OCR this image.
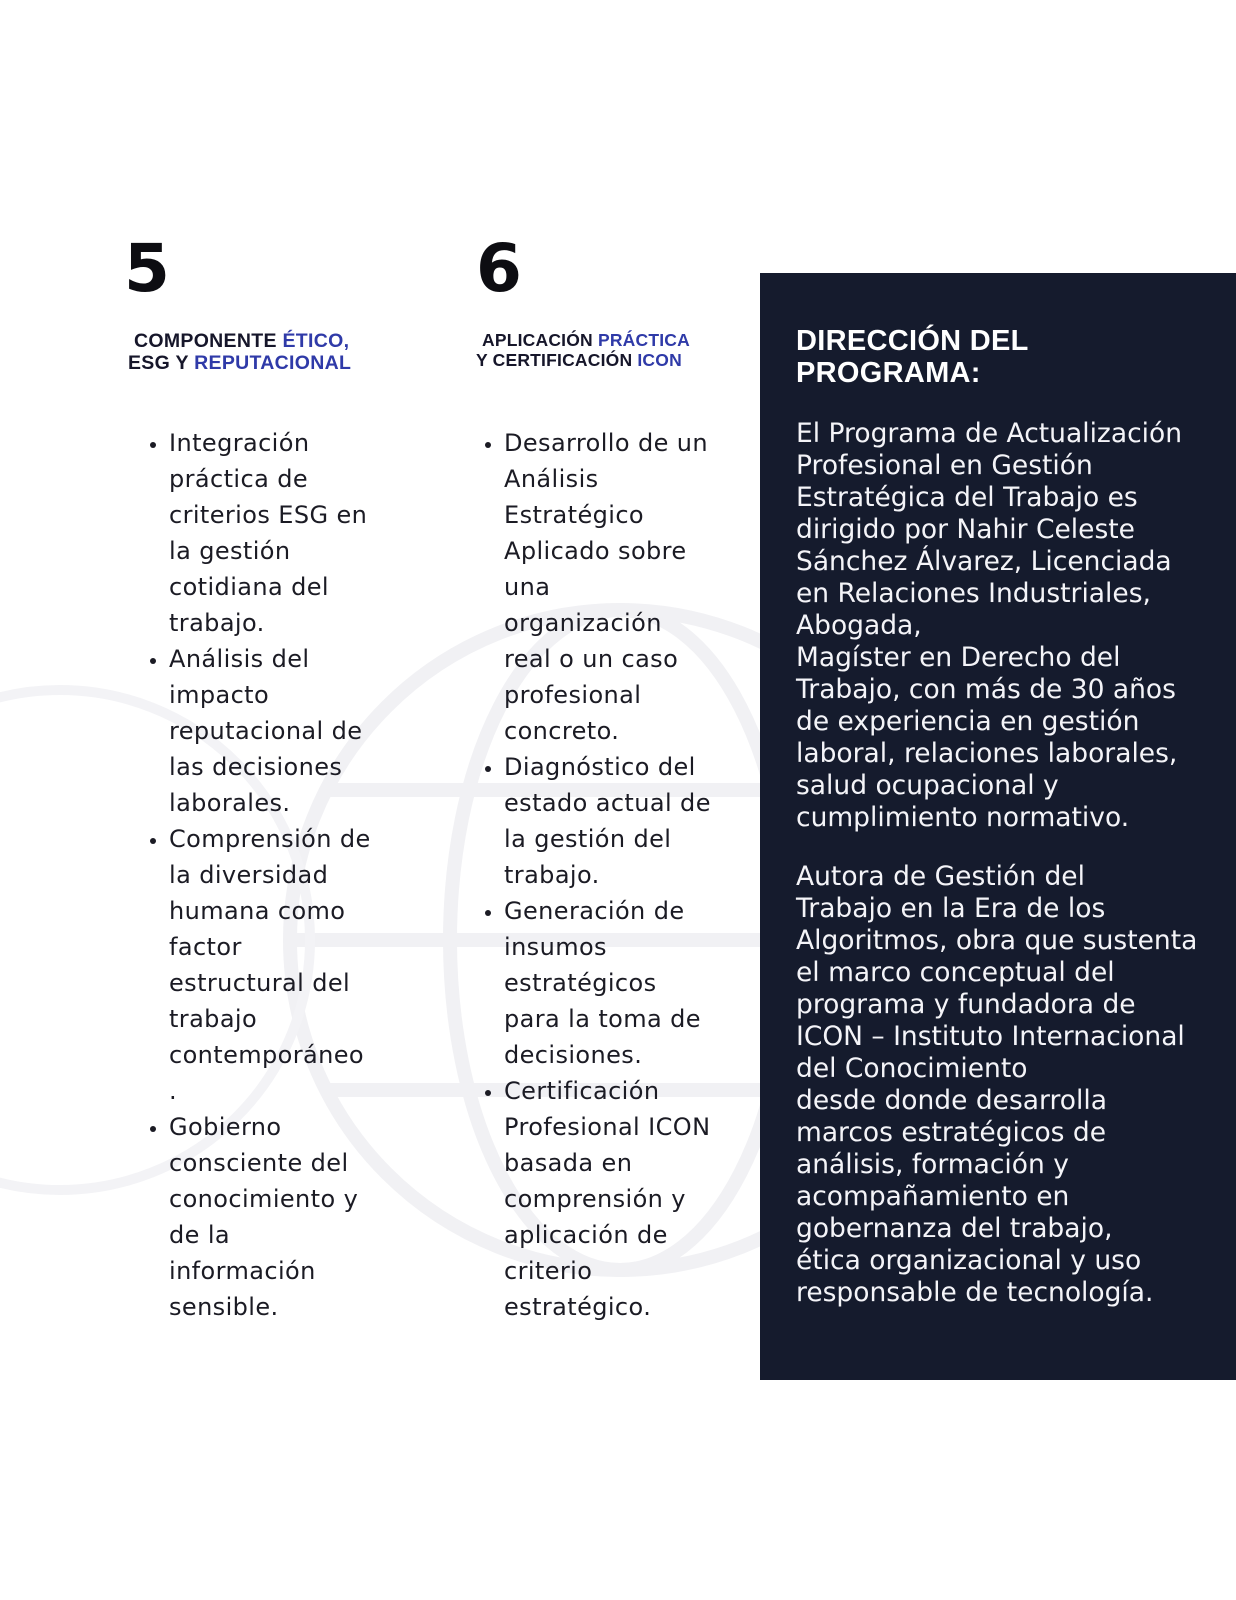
5
COMPONENTE ÉTICO,
ESG Y REPUTACIONAL
• Integración práctica de criterios ESG en la gestión cotidiana del trabajo.
• Análisis del impacto reputacional de las decisiones laborales.
• Comprensión de la diversidad humana como factor estructural del trabajo contemporáneo .
• Gobierno consciente del conocimiento y de la información sensible.
6
APLICACIÓN PRÁCTICA
Y CERTIFICACIÓN ICON
• Desarrollo de un Análisis Estratégico Aplicado sobre una organización real o un caso profesional concreto.
• Diagnóstico del estado actual de la gestión del trabajo.
• Generación de insumos estratégicos para la toma de decisiones.
• Certificación Profesional ICON basada en comprensión y aplicación de criterio estratégico.
DIRECCIÓN DEL
PROGRAMA:

El Programa de Actualización
Profesional en Gestión
Estratégica del Trabajo es
dirigido por Nahir Celeste
Sánchez Álvarez, Licenciada
en Relaciones Industriales,
Abogada,
Magíster en Derecho del
Trabajo, con más de 30 años
de experiencia en gestión
laboral, relaciones laborales,
salud ocupacional y
cumplimiento normativo.

Autora de Gestión del
Trabajo en la Era de los
Algoritmos, obra que sustenta
el marco conceptual del
programa y fundadora de
ICON – Instituto Internacional
del Conocimiento
desde donde desarrolla
marcos estratégicos de
análisis, formación y
acompañamiento en
gobernanza del trabajo,
ética organizacional y uso
responsable de tecnología.
